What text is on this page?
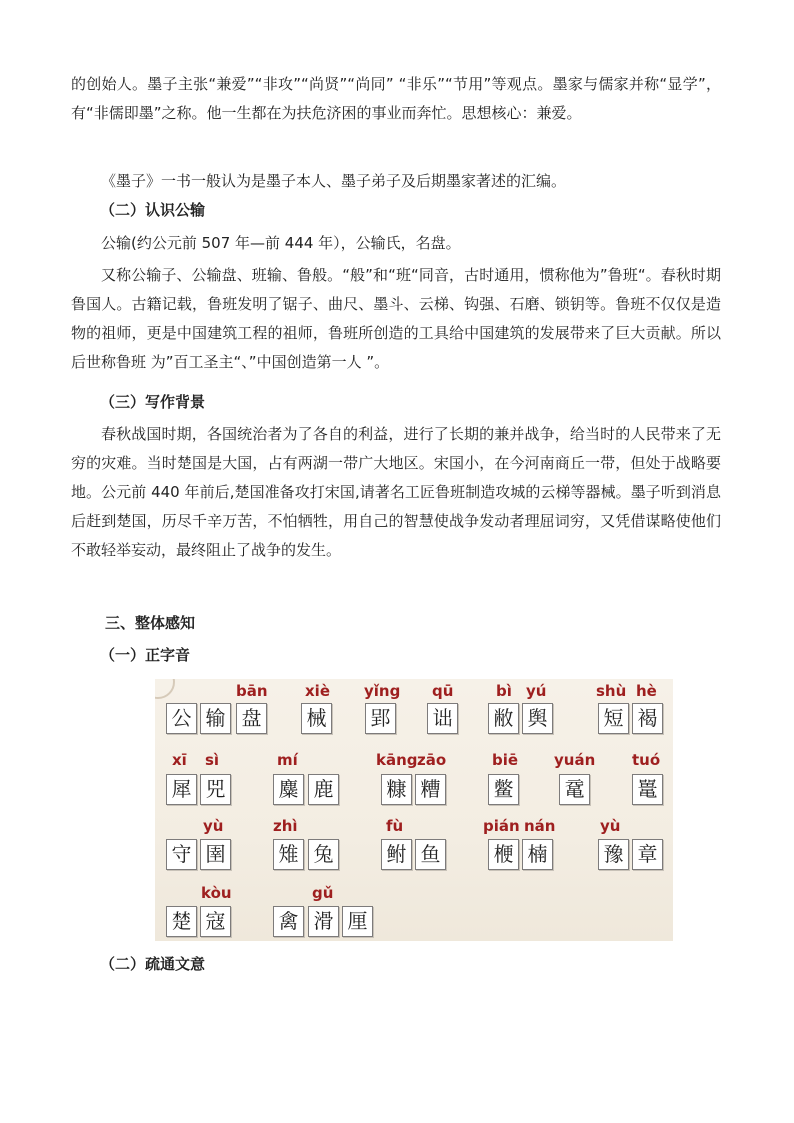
的创始人。墨子主张“兼爱”“非攻”“尚贤”“尚同” “非乐”“节用”等观点。墨家与儒家并称“显学”，有“非儒即墨”之称。他一生都在为扶危济困的事业而奔忙。思想核心：兼爱。

《墨子》一书一般认为是墨子本人、墨子弟子及后期墨家著述的汇编。

（二）认识公输

公输(约公元前 507 年—前 444 年），公输氏，名盘。

又称公输子、公输盘、班输、鲁般。“般”和“班“同音，古时通用，惯称他为”鲁班“。春秋时期鲁国人。古籍记载，鲁班发明了锯子、曲尺、墨斗、云梯、钩强、石磨、锁钥等。鲁班不仅仅是造物的祖师，更是中国建筑工程的祖师，鲁班所创造的工具给中国建筑的发展带来了巨大贡献。所以后世称鲁班 为”百工圣主“、”中国创造第一人 ”。

（三）写作背景

春秋战国时期，各国统治者为了各自的利益，进行了长期的兼并战争，给当时的人民带来了无穷的灾难。当时楚国是大国，占有两湖一带广大地区。宋国小，在今河南商丘一带，但处于战略要地。公元前 440 年前后,楚国准备攻打宋国,请著名工匠鲁班制造攻城的云梯等器械。墨子听到消息后赶到楚国，历尽千辛万苦，不怕牺牲，用自己的智慧使战争发动者理屈词穷，又凭借谋略使他们不敢轻举妄动，最终阻止了战争的发生。

三、整体感知

（一）正字音

bān xiè yǐng qū	bì yú	shù hè
公 输 盘 械 郢 诎 敝 舆	短 褐
xī sì	mí	kāng zāo	biē yuán tuó
犀 兕	麋 鹿	糠 糟	鳖	鼋	鼍
yù	zhì	fù	pián nán	yù
守 圉	雉 兔	鲋 鱼	楩 楠	豫 章
kòu	gǔ
楚 寇	禽 滑 厘

（二）疏通文意
